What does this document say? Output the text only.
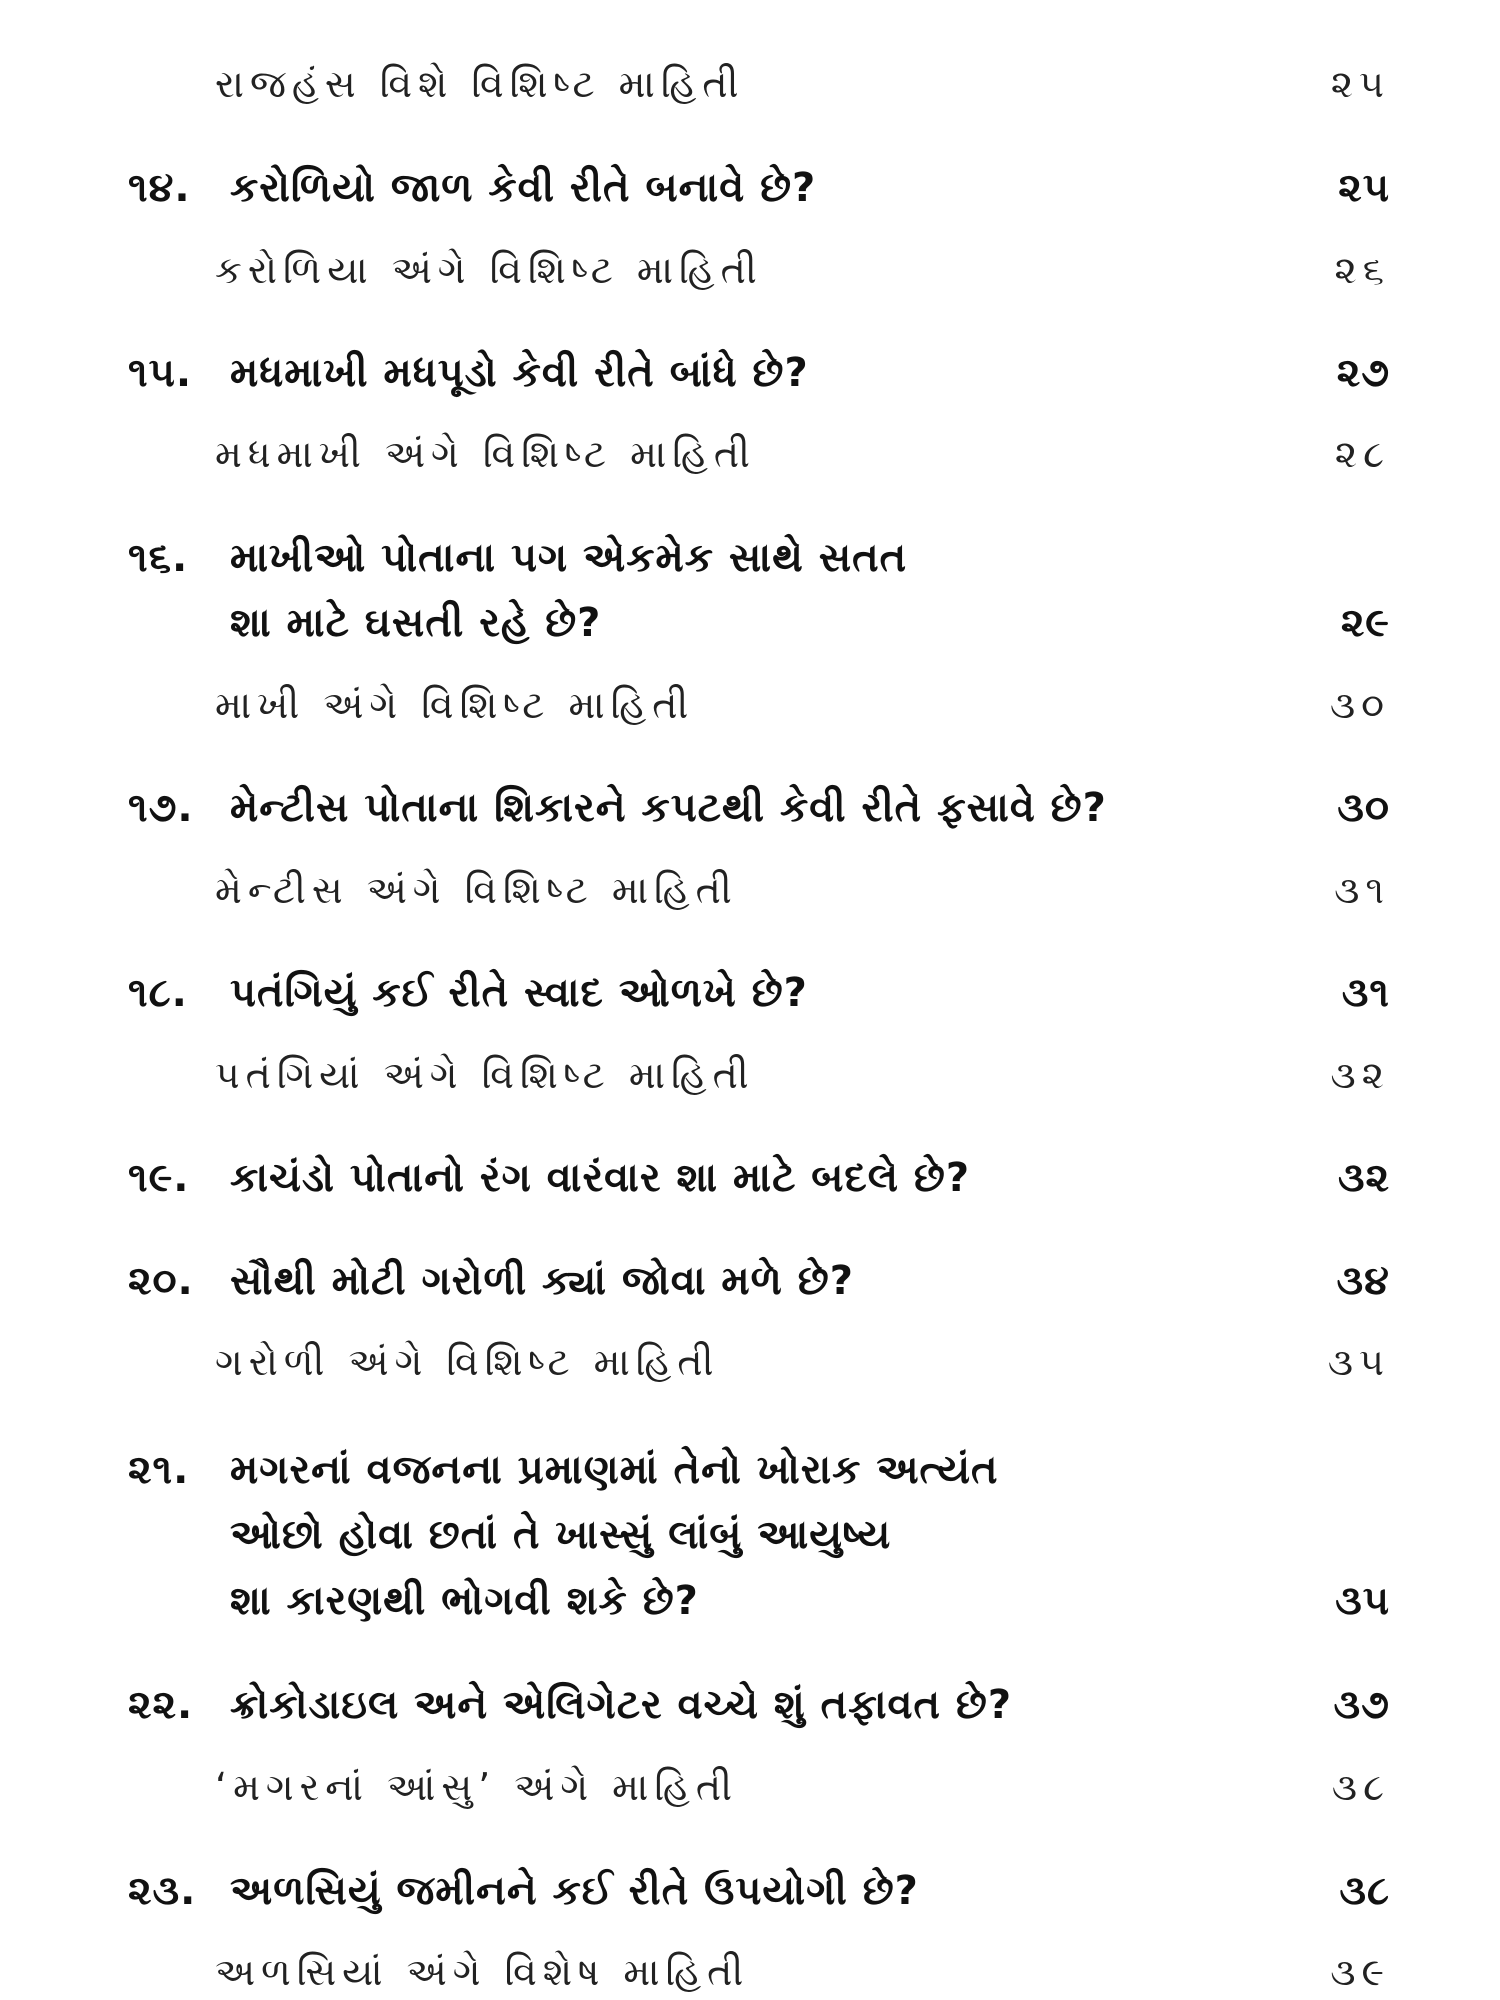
રાજહંસ વિશે વિશિષ્ટ માહિતી	૨૫
૧૪. કરોળિયો જાળ કેવી રીતે બનાવે છે?	૨૫
કરોળિયા અંગે વિશિષ્ટ માહિતી	૨૬
૧૫. મધમાખી મધપૂડો કેવી રીતે બાંધે છે?	૨૭
મધમાખી અંગે વિશિષ્ટ માહિતી	૨૮
૧૬. માખીઓ પોતાના પગ એકમેક સાથે સતત
શા માટે ઘસતી રહે છે?	૨૯
માખી અંગે વિશિષ્ટ માહિતી	૩૦
૧૭. મેન્ટીસ પોતાના શિકારને કપટથી કેવી રીતે ફસાવે છે?	૩૦
મેન્ટીસ અંગે વિશિષ્ટ માહિતી	૩૧
૧૮. પતંગિયું કઈ રીતે સ્વાદ ઓળખે છે?	૩૧
પતંગિયાં અંગે વિશિષ્ટ માહિતી	૩૨
૧૯. કાચંડો પોતાનો રંગ વારંવાર શા માટે બદલે છે?	૩૨
૨૦. સૌથી મોટી ગરોળી ક્યાં જોવા મળે છે?	૩૪
ગરોળી અંગે વિશિષ્ટ માહિતી	૩૫
૨૧. મગરનાં વજનના પ્રમાણમાં તેનો ખોરાક અત્યંત
ઓછો હોવા છતાં તે ખાસ્સું લાંબું આયુષ્ય
શા કારણથી ભોગવી શકે છે?	૩૫
૨૨. ક્રોકોડાઇલ અને એલિગેટર વચ્ચે શું તફાવત છે?	૩૭
‘મગરનાં આંસુ’ અંગે માહિતી	૩૮
૨૩. અળસિયું જમીનને કઈ રીતે ઉપયોગી છે?	૩૮
અળસિયાં અંગે વિશેષ માહિતી	૩૯
